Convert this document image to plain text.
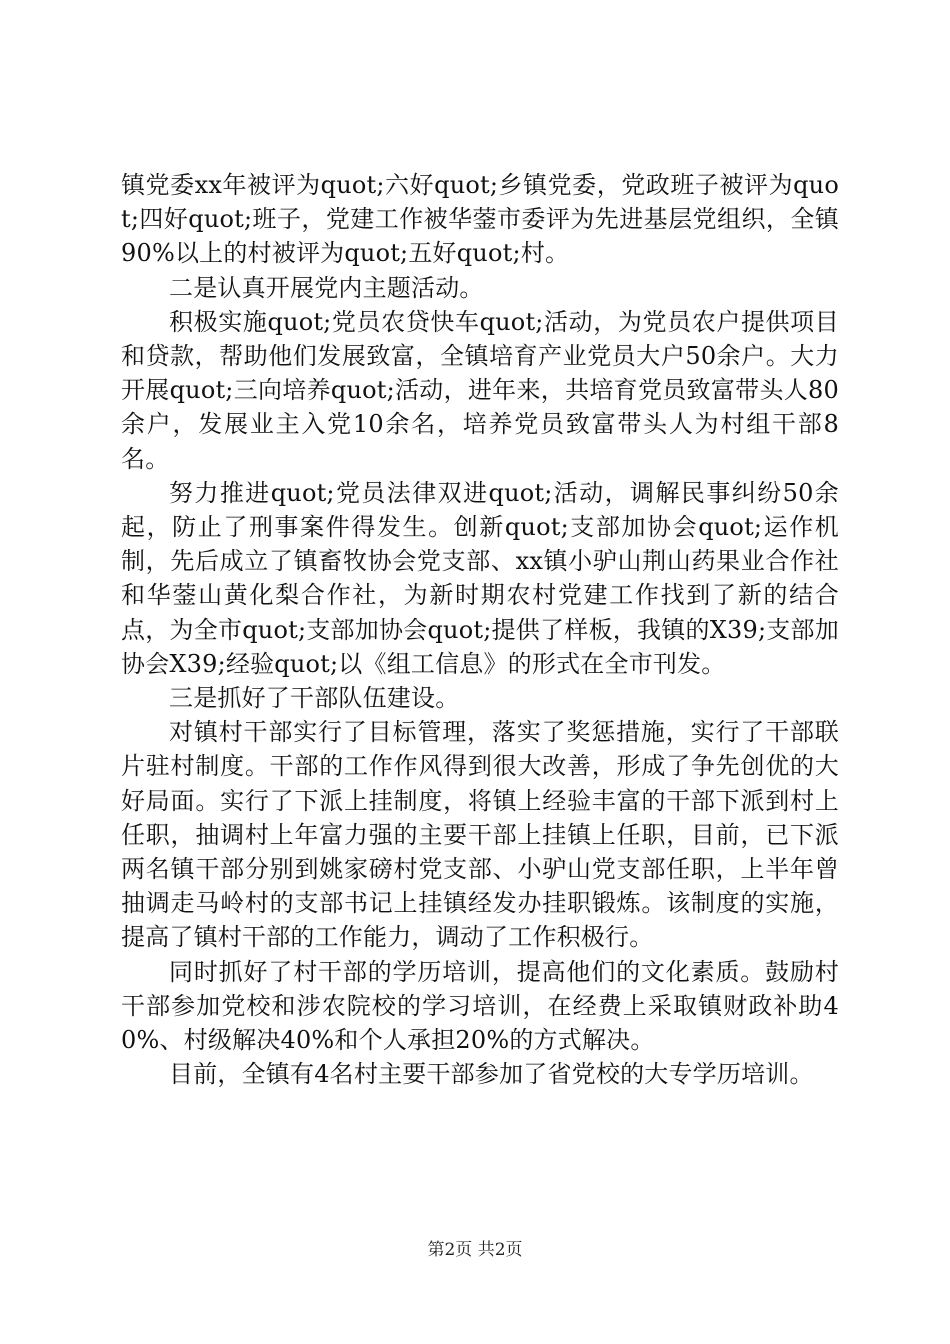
镇党委xx年被评为quot;六好quot;乡镇党委，党政班子被评为quot;四好quot;班子，党建工作被华蓥市委评为先进基层党组织，全镇90%以上的村被评为quot;五好quot;村。

二是认真开展党内主题活动。

积极实施quot;党员农贷快车quot;活动，为党员农户提供项目和贷款，帮助他们发展致富，全镇培育产业党员大户50余户。大力开展quot;三向培养quot;活动，进年来，共培育党员致富带头人80余户，发展业主入党10余名，培养党员致富带头人为村组干部8名。

努力推进quot;党员法律双进quot;活动，调解民事纠纷50余起，防止了刑事案件得发生。创新quot;支部加协会quot;运作机制，先后成立了镇畜牧协会党支部、xx镇小驴山荆山药果业合作社和华蓥山黄化梨合作社，为新时期农村党建工作找到了新的结合点，为全市quot;支部加协会quot;提供了样板，我镇的X39;支部加协会X39;经验quot;以《组工信息》的形式在全市刊发。

三是抓好了干部队伍建设。

对镇村干部实行了目标管理，落实了奖惩措施，实行了干部联片驻村制度。干部的工作作风得到很大改善，形成了争先创优的大好局面。实行了下派上挂制度，将镇上经验丰富的干部下派到村上任职，抽调村上年富力强的主要干部上挂镇上任职，目前，已下派两名镇干部分别到姚家磅村党支部、小驴山党支部任职，上半年曾抽调走马岭村的支部书记上挂镇经发办挂职锻炼。该制度的实施，提高了镇村干部的工作能力，调动了工作积极行。

同时抓好了村干部的学历培训，提高他们的文化素质。鼓励村干部参加党校和涉农院校的学习培训，在经费上采取镇财政补助40%、村级解决40%和个人承担20%的方式解决。

目前，全镇有4名村主要干部参加了省党校的大专学历培训。

第2页 共2页
